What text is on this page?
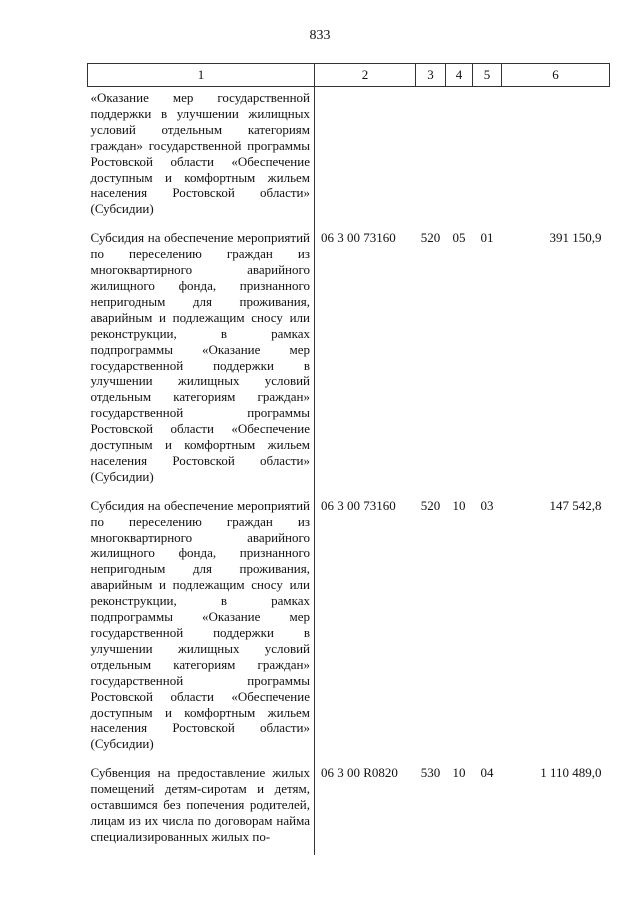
833
1	2	3	4	5	6
«Оказание мер государственной поддержки в улучшении жилищных условий отдельным категориям граждан» государственной программы Ростовской области «Обеспечение доступным и комфортным жильем населения Ростовской области» (Субсидии)					
Субсидия на обеспечение мероприятий по переселению граждан из многоквартирного аварийного жилищного фонда, признанного непригодным для проживания, аварийным и подлежащим сносу или реконструкции, в рамках подпрограммы «Оказание мер государственной поддержки в улучшении жилищных условий отдельным категориям граждан» государственной программы Ростовской области «Обеспечение доступным и комфортным жильем населения Ростовской области» (Субсидии)	06 3 00 73160	520	05	01	391 150,9
Субсидия на обеспечение мероприятий по переселению граждан из многоквартирного аварийного жилищного фонда, признанного непригодным для проживания, аварийным и подлежащим сносу или реконструкции, в рамках подпрограммы «Оказание мер государственной поддержки в улучшении жилищных условий отдельным категориям граждан» государственной программы Ростовской области «Обеспечение доступным и комфортным жильем населения Ростовской области» (Субсидии)	06 3 00 73160	520	10	03	147 542,8
Субвенция на предоставление жилых помещений детям-сиротам и детям, оставшимся без попечения родителей, лицам из их числа по договорам найма специализированных жилых по-	06 3 00 R0820	530	10	04	1 110 489,0
